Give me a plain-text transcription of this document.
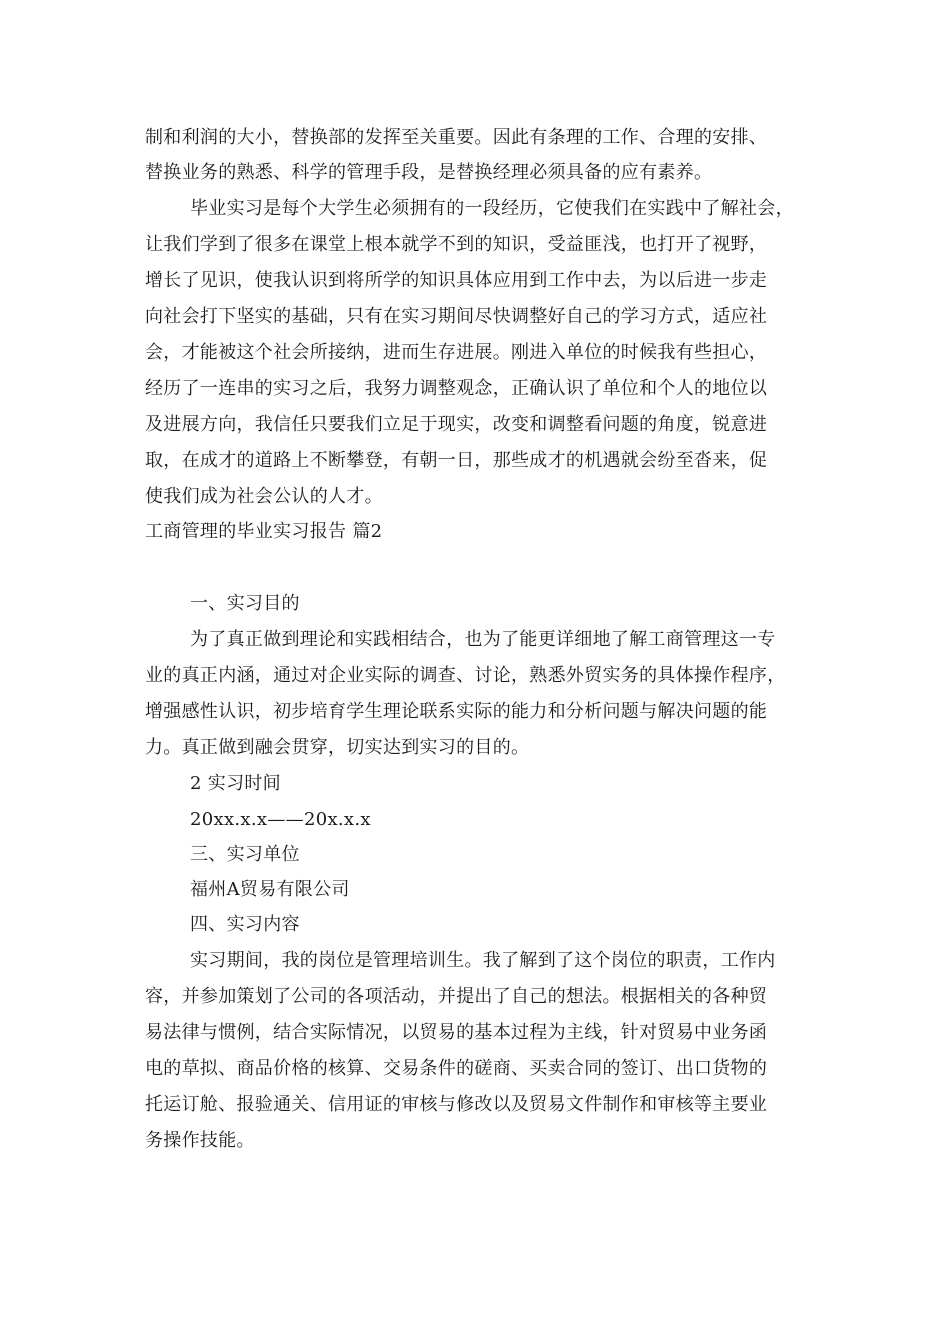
制和利润的大小，替换部的发挥至关重要。因此有条理的工作、合理的安排、
替换业务的熟悉、科学的管理手段，是替换经理必须具备的应有素养。
毕业实习是每个大学生必须拥有的一段经历，它使我们在实践中了解社会，
让我们学到了很多在课堂上根本就学不到的知识，受益匪浅，也打开了视野，
增长了见识，使我认识到将所学的知识具体应用到工作中去，为以后进一步走
向社会打下坚实的基础，只有在实习期间尽快调整好自己的学习方式，适应社
会，才能被这个社会所接纳，进而生存进展。刚进入单位的时候我有些担心，
经历了一连串的实习之后，我努力调整观念，正确认识了单位和个人的地位以
及进展方向，我信任只要我们立足于现实，改变和调整看问题的角度，锐意进
取，在成才的道路上不断攀登，有朝一日，那些成才的机遇就会纷至沓来，促
使我们成为社会公认的人才。
工商管理的毕业实习报告 篇2
一、实习目的
为了真正做到理论和实践相结合，也为了能更详细地了解工商管理这一专
业的真正内涵，通过对企业实际的调查、讨论，熟悉外贸实务的具体操作程序，
增强感性认识，初步培育学生理论联系实际的能力和分析问题与解决问题的能
力。真正做到融会贯穿，切实达到实习的目的。
2 实习时间
20xx.x.x——20x.x.x
三、实习单位
福州A贸易有限公司
四、实习内容
实习期间，我的岗位是管理培训生。我了解到了这个岗位的职责，工作内
容，并参加策划了公司的各项活动，并提出了自己的想法。根据相关的各种贸
易法律与惯例，结合实际情况，以贸易的基本过程为主线，针对贸易中业务函
电的草拟、商品价格的核算、交易条件的磋商、买卖合同的签订、出口货物的
托运订舱、报验通关、信用证的审核与修改以及贸易文件制作和审核等主要业
务操作技能。
